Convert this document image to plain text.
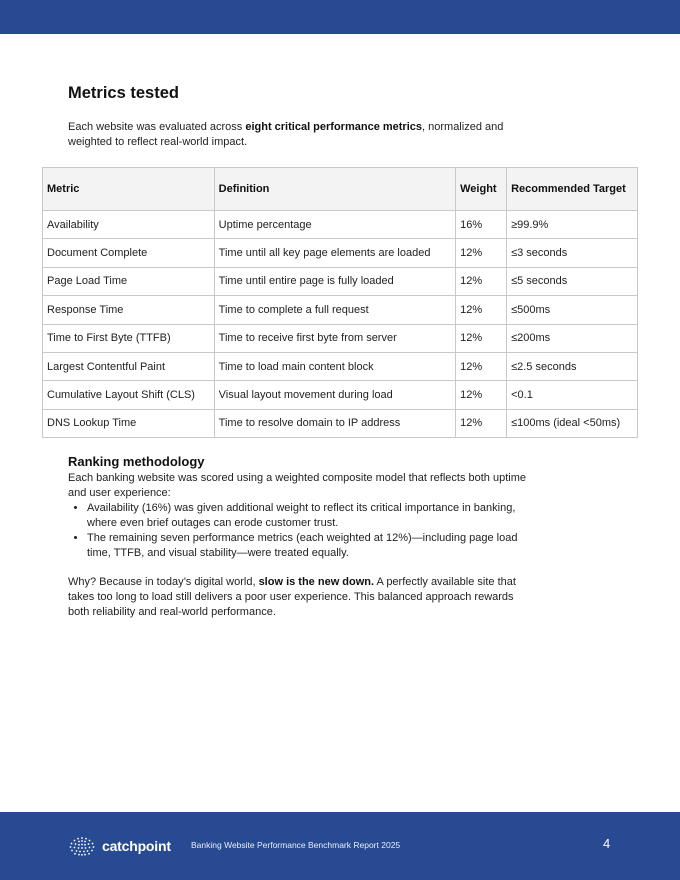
Metrics tested

Each website was evaluated across eight critical performance metrics, normalized and weighted to reflect real-world impact.

Metric	Definition	Weight	Recommended Target
Availability	Uptime percentage	16%	≥99.9%
Document Complete	Time until all key page elements are loaded	12%	≤3 seconds
Page Load Time	Time until entire page is fully loaded	12%	≤5 seconds
Response Time	Time to complete a full request	12%	≤500ms
Time to First Byte (TTFB)	Time to receive first byte from server	12%	≤200ms
Largest Contentful Paint	Time to load main content block	12%	≤2.5 seconds
Cumulative Layout Shift (CLS)	Visual layout movement during load	12%	<0.1
DNS Lookup Time	Time to resolve domain to IP address	12%	≤100ms (ideal <50ms)
Ranking methodology

Each banking website was scored using a weighted composite model that reflects both uptime and user experience:

• Availability (16%) was given additional weight to reflect its critical importance in banking, where even brief outages can erode customer trust.
• The remaining seven performance metrics (each weighted at 12%)—including page load time, TTFB, and visual stability—were treated equally.

Why? Because in today’s digital world, slow is the new down. A perfectly available site that takes too long to load still delivers a poor user experience. This balanced approach rewards both reliability and real-world performance.

catchpoint Banking Website Performance Benchmark Report 2025	4
